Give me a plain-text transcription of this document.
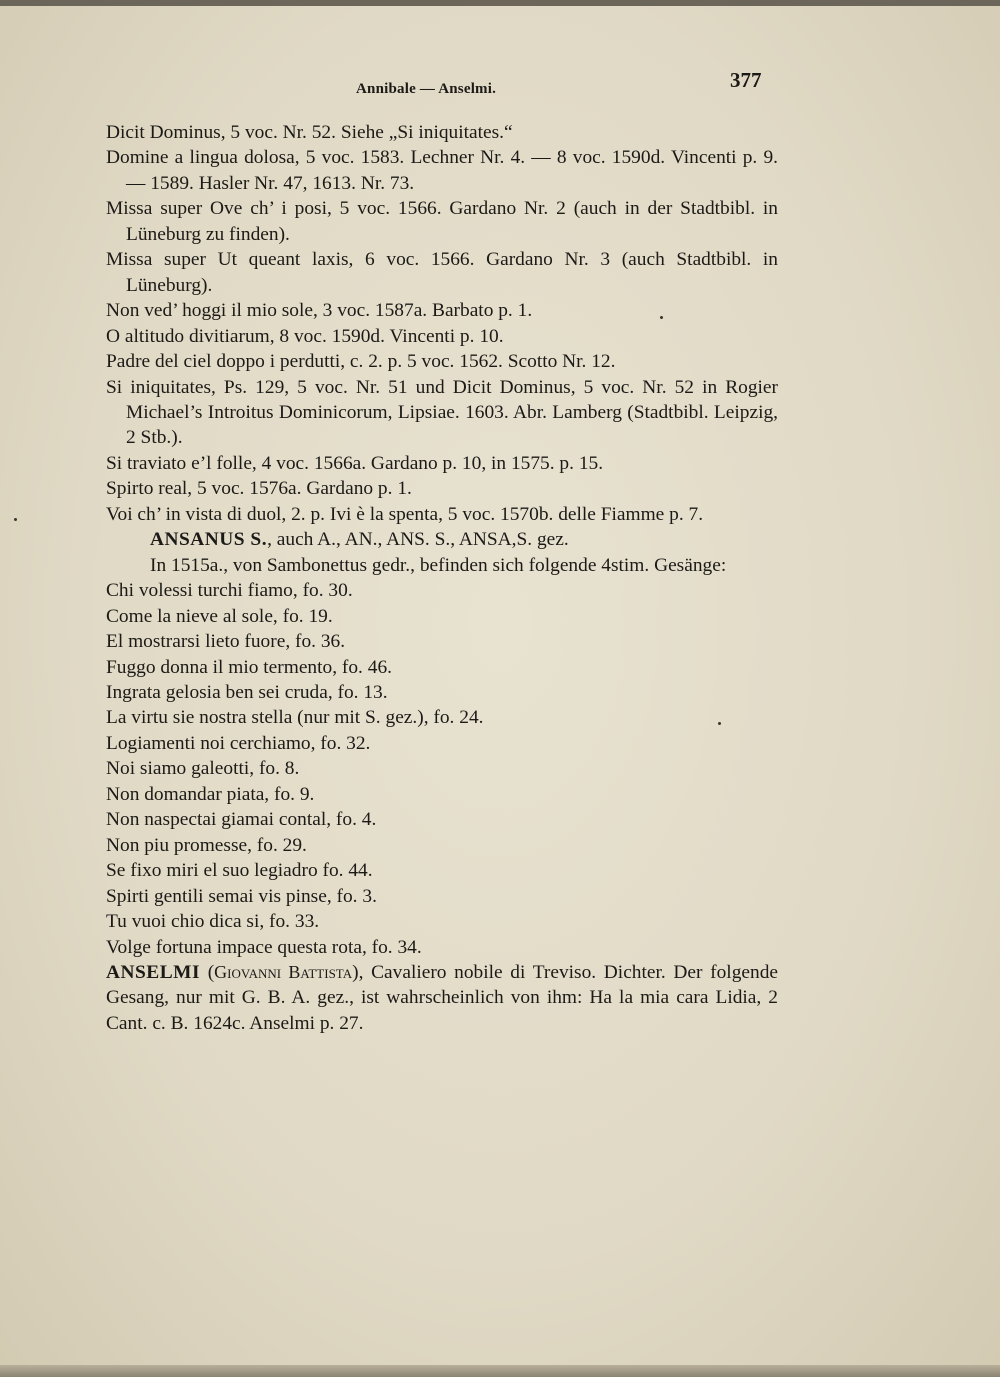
Annibale — Anselmi.	377
Dicit Dominus, 5 voc. Nr. 52. Siehe „Si iniquitates.“
Domine a lingua dolosa, 5 voc. 1583. Lechner Nr. 4. — 8 voc. 1590d. Vincenti p. 9. — 1589. Hasler Nr. 47, 1613. Nr. 73.
Missa super Ove ch’ i posi, 5 voc. 1566. Gardano Nr. 2 (auch in der Stadtbibl. in Lüneburg zu finden).
Missa super Ut queant laxis, 6 voc. 1566. Gardano Nr. 3 (auch Stadtbibl. in Lüneburg).
Non ved’ hoggi il mio sole, 3 voc. 1587a. Barbato p. 1.
O altitudo divitiarum, 8 voc. 1590d. Vincenti p. 10.
Padre del ciel doppo i perdutti, c. 2. p. 5 voc. 1562. Scotto Nr. 12.
Si iniquitates, Ps. 129, 5 voc. Nr. 51 und Dicit Dominus, 5 voc. Nr. 52 in Rogier Michael’s Introitus Dominicorum, Lipsiae. 1603. Abr. Lamberg (Stadtbibl. Leipzig, 2 Stb.).
Si traviato e’l folle, 4 voc. 1566a. Gardano p. 10, in 1575. p. 15.
Spirto real, 5 voc. 1576a. Gardano p. 1.
Voi ch’ in vista di duol, 2. p. Ivi è la spenta, 5 voc. 1570b. delle Fiamme p. 7.
ANSANUS S., auch A., AN., ANS. S., ANSA,S. gez.
In 1515a., von Sambonettus gedr., befinden sich folgende 4stim. Gesänge:
Chi volessi turchi fiamo, fo. 30.
Come la nieve al sole, fo. 19.
El mostrarsi lieto fuore, fo. 36.
Fuggo donna il mio termento, fo. 46.
Ingrata gelosia ben sei cruda, fo. 13.
La virtu sie nostra stella (nur mit S. gez.), fo. 24.
Logiamenti noi cerchiamo, fo. 32.
Noi siamo galeotti, fo. 8.
Non domandar piata, fo. 9.
Non naspectai giamai contal, fo. 4.
Non piu promesse, fo. 29.
Se fixo miri el suo legiadro fo. 44.
Spirti gentili semai vis pinse, fo. 3.
Tu vuoi chio dica si, fo. 33.
Volge fortuna impace questa rota, fo. 34.
ANSELMI (Giovanni Battista), Cavaliero nobile di Treviso. Dichter. Der folgende Gesang, nur mit G. B. A. gez., ist wahrscheinlich von ihm: Ha la mia cara Lidia, 2 Cant. c. B. 1624c. Anselmi p. 27.
